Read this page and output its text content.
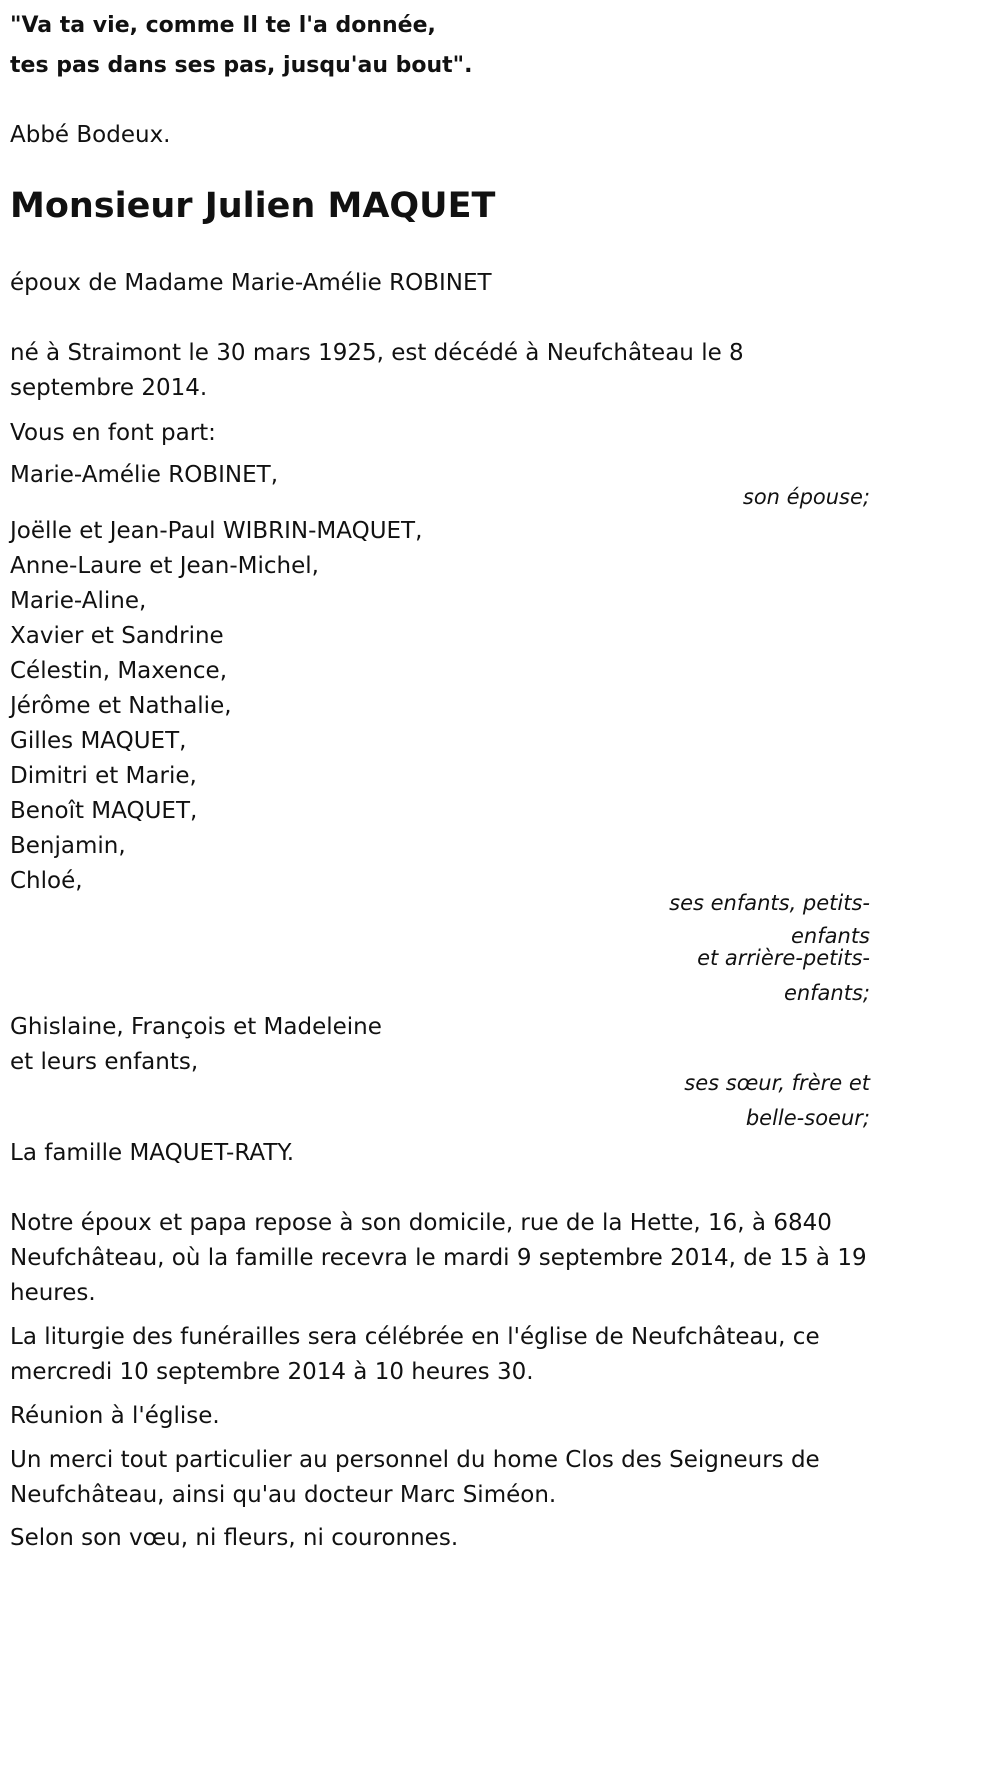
"Va ta vie, comme Il te l'a donnée,

tes pas dans ses pas, jusqu'au bout".

Abbé Bodeux.

Monsieur Julien MAQUET

époux de Madame Marie-Amélie ROBINET

né à Straimont le 30 mars 1925, est décédé à Neufchâteau le 8 septembre 2014.

Vous en font part:

Marie-Amélie ROBINET,

son épouse;

Joëlle et Jean-Paul WIBRIN-MAQUET,
Anne-Laure et Jean-Michel,
Marie-Aline,
Xavier et Sandrine
Célestin, Maxence,
Jérôme et Nathalie,
Gilles MAQUET,
Dimitri et Marie,
Benoît MAQUET,
Benjamin,
Chloé,

ses enfants, petits-

enfants

et arrière-petits-

enfants;

Ghislaine, François et Madeleine
et leurs enfants,

ses sœur, frère et

belle-soeur;

La famille MAQUET-RATY.

Notre époux et papa repose à son domicile, rue de la Hette, 16, à 6840 Neufchâteau, où la famille recevra le mardi 9 septembre 2014, de 15 à 19 heures.

La liturgie des funérailles sera célébrée en l'église de Neufchâteau, ce mercredi 10 septembre 2014 à 10 heures 30.

Réunion à l'église.

Un merci tout particulier au personnel du home Clos des Seigneurs de Neufchâteau, ainsi qu'au docteur Marc Siméon.

Selon son vœu, ni fleurs, ni couronnes.
